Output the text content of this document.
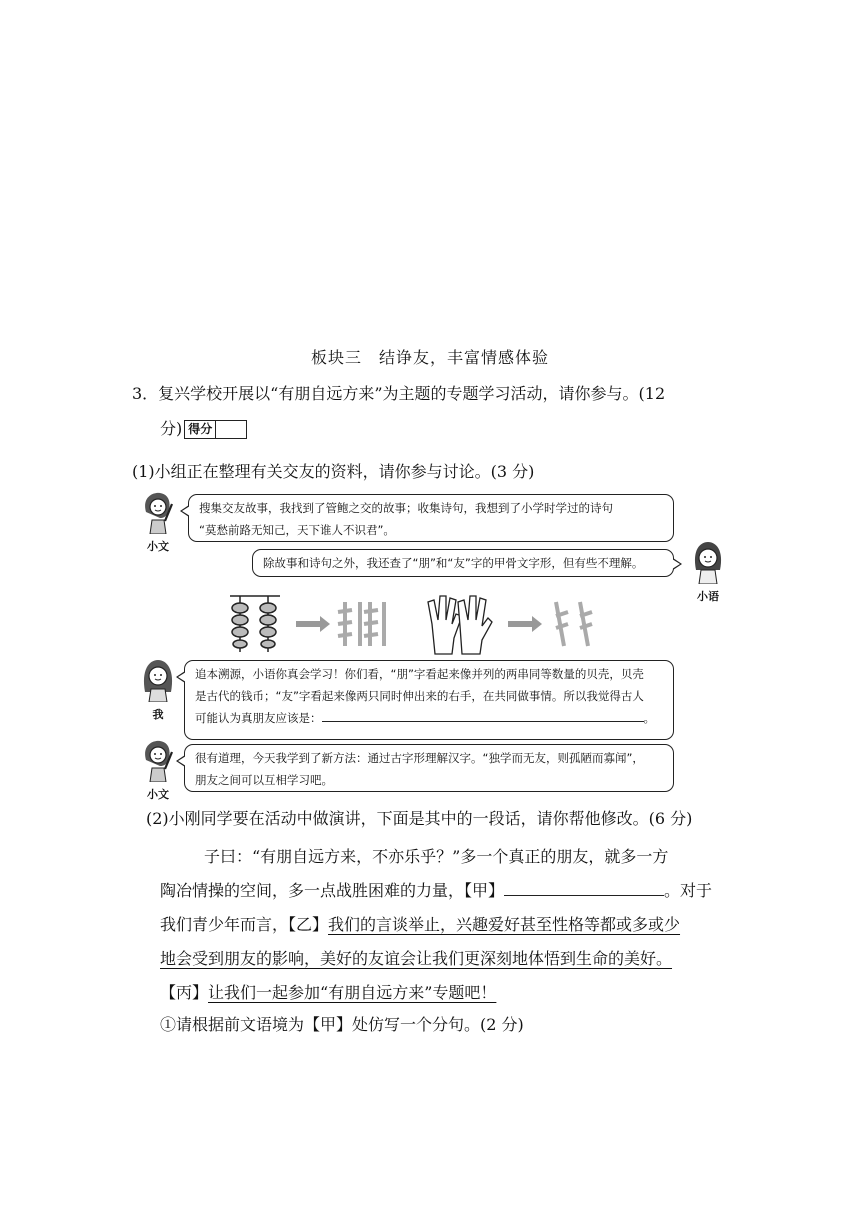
板块三　结诤友，丰富情感体验
3．复兴学校开展以“有朋自远方来”为主题的专题学习活动，请你参与。(12
分) 得分
(1)小组正在整理有关交友的资料，请你参与讨论。(3 分)
小文
搜集交友故事，我找到了管鲍之交的故事；收集诗句，我想到了小学时学过的诗句
“莫愁前路无知己，天下谁人不识君”。
除故事和诗句之外，我还查了“朋”和“友”字的甲骨文字形，但有些不理解。
小语
我
追本溯源，小语你真会学习！你们看，“朋”字看起来像并列的两串同等数量的贝壳，贝壳
是古代的钱币；“友”字看起来像两只同时伸出来的右手，在共同做事情。所以我觉得古人
可能认为真朋友应该是：	。
小文
很有道理，今天我学到了新方法：通过古字形理解汉字。“独学而无友，则孤陋而寡闻”，
朋友之间可以互相学习吧。
(2)小刚同学要在活动中做演讲，下面是其中的一段话，请你帮他修改。(6 分)
子曰：“有朋自远方来，不亦乐乎？”多一个真正的朋友，就多一方
陶冶情操的空间，多一点战胜困难的力量，【甲】	。对于
我们青少年而言，【乙】我们的言谈举止，兴趣爱好甚至性格等都或多或少
地会受到朋友的影响，美好的友谊会让我们更深刻地体悟到生命的美好。
【丙】让我们一起参加“有朋自远方来”专题吧！
①请根据前文语境为【甲】处仿写一个分句。(2 分)
